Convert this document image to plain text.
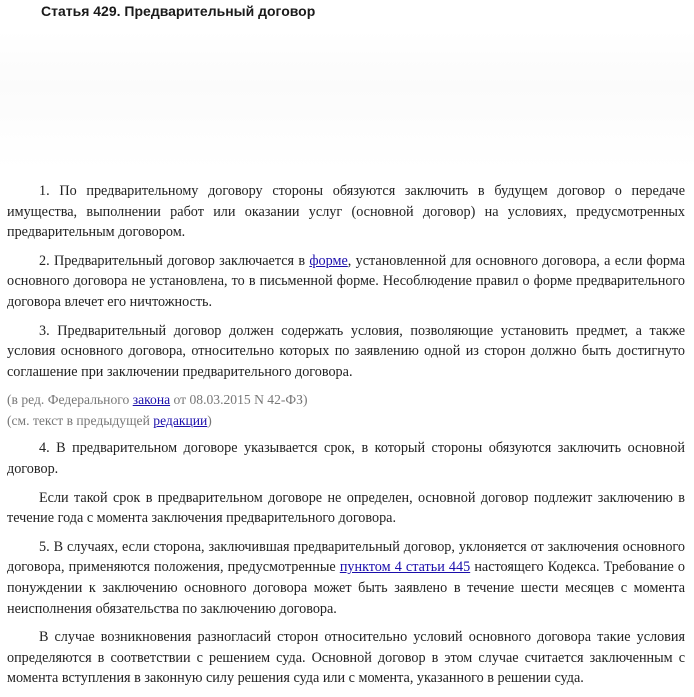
Статья 429. Предварительный договор

1. По предварительному договору стороны обязуются заключить в будущем договор о передаче имущества, выполнении работ или оказании услуг (основной договор) на условиях, предусмотренных предварительным договором.

2. Предварительный договор заключается в форме, установленной для основного договора, а если форма основного договора не установлена, то в письменной форме. Несоблюдение правил о форме предварительного договора влечет его ничтожность.

3. Предварительный договор должен содержать условия, позволяющие установить предмет, а также условия основного договора, относительно которых по заявлению одной из сторон должно быть достигнуто соглашение при заключении предварительного договора.

(в ред. Федерального закона от 08.03.2015 N 42-ФЗ)

(см. текст в предыдущей редакции)

4. В предварительном договоре указывается срок, в который стороны обязуются заключить основной договор.

Если такой срок в предварительном договоре не определен, основной договор подлежит заключению в течение года с момента заключения предварительного договора.

5. В случаях, если сторона, заключившая предварительный договор, уклоняется от заключения основного договора, применяются положения, предусмотренные пунктом 4 статьи 445 настоящего Кодекса. Требование о понуждении к заключению основного договора может быть заявлено в течение шести месяцев с момента неисполнения обязательства по заключению договора.

В случае возникновения разногласий сторон относительно условий основного договора такие условия определяются в соответствии с решением суда. Основной договор в этом случае считается заключенным с момента вступления в законную силу решения суда или с момента, указанного в решении суда.
